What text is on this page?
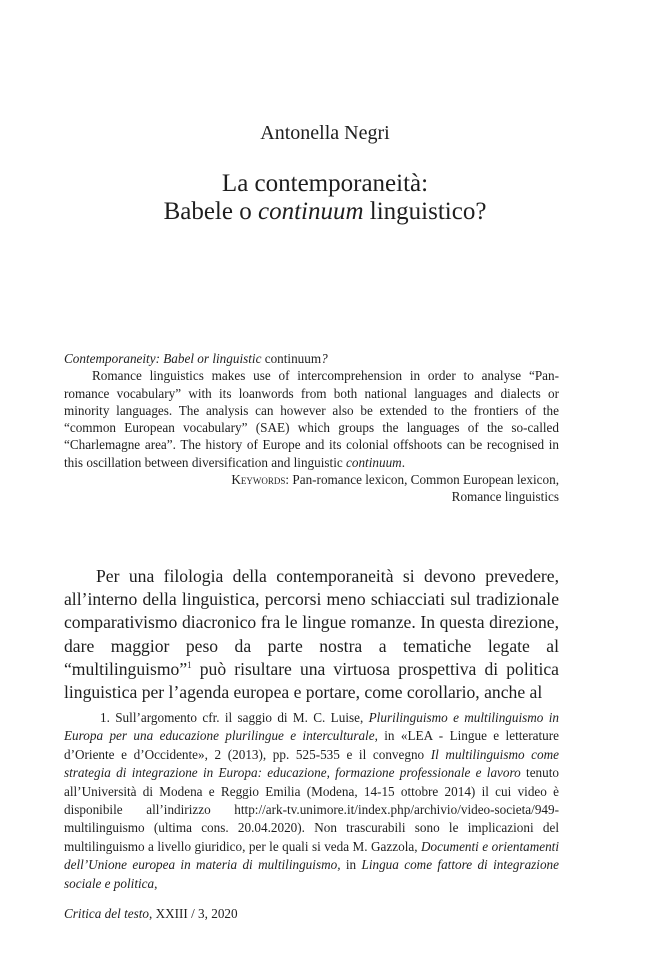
Antonella Negri
La contemporaneità:
Babele o continuum linguistico?
Contemporaneity: Babel or linguistic continuum?

Romance linguistics makes use of intercomprehension in order to analyse “Pan-romance vocabulary” with its loanwords from both national languages and dialects or minority languages. The analysis can however also be extended to the frontiers of the “common European vocabulary” (SAE) which groups the languages of the so-called “Charlemagne area”. The history of Europe and its colonial offshoots can be recognised in this oscillation between diversification and linguistic continuum.

Keywords: Pan-romance lexicon, Common European lexicon,
Romance linguistics

Per una filologia della contemporaneità si devono prevedere, all’interno della linguistica, percorsi meno schiacciati sul tradizionale comparativismo diacronico fra le lingue romanze. In questa direzione, dare maggior peso da parte nostra a tematiche legate al “multilinguismo”$^1$ può risultare una virtuosa prospettiva di politica linguistica per l’agenda europea e portare, come corollario, anche al

1. Sull’argomento cfr. il saggio di M. C. Luise, Plurilinguismo e multilinguismo in Europa per una educazione plurilingue e interculturale, in «LEA - Lingue e letterature d’Oriente e d’Occidente», 2 (2013), pp. 525-535 e il convegno Il multilinguismo come strategia di integrazione in Europa: educazione, formazione professionale e lavoro tenuto all’Università di Modena e Reggio Emilia (Modena, 14-15 ottobre 2014) il cui video è disponibile all’indirizzo http://ark-tv.unimore.it/index.php/archivio/video-societa/949-multilinguismo (ultima cons. 20.04.2020). Non trascurabili sono le implicazioni del multilinguismo a livello giuridico, per le quali si veda M. Gazzola, Documenti e orientamenti dell’Unione europea in materia di multilinguismo, in Lingua come fattore di integrazione sociale e politica,

Critica del testo, XXIII / 3, 2020
